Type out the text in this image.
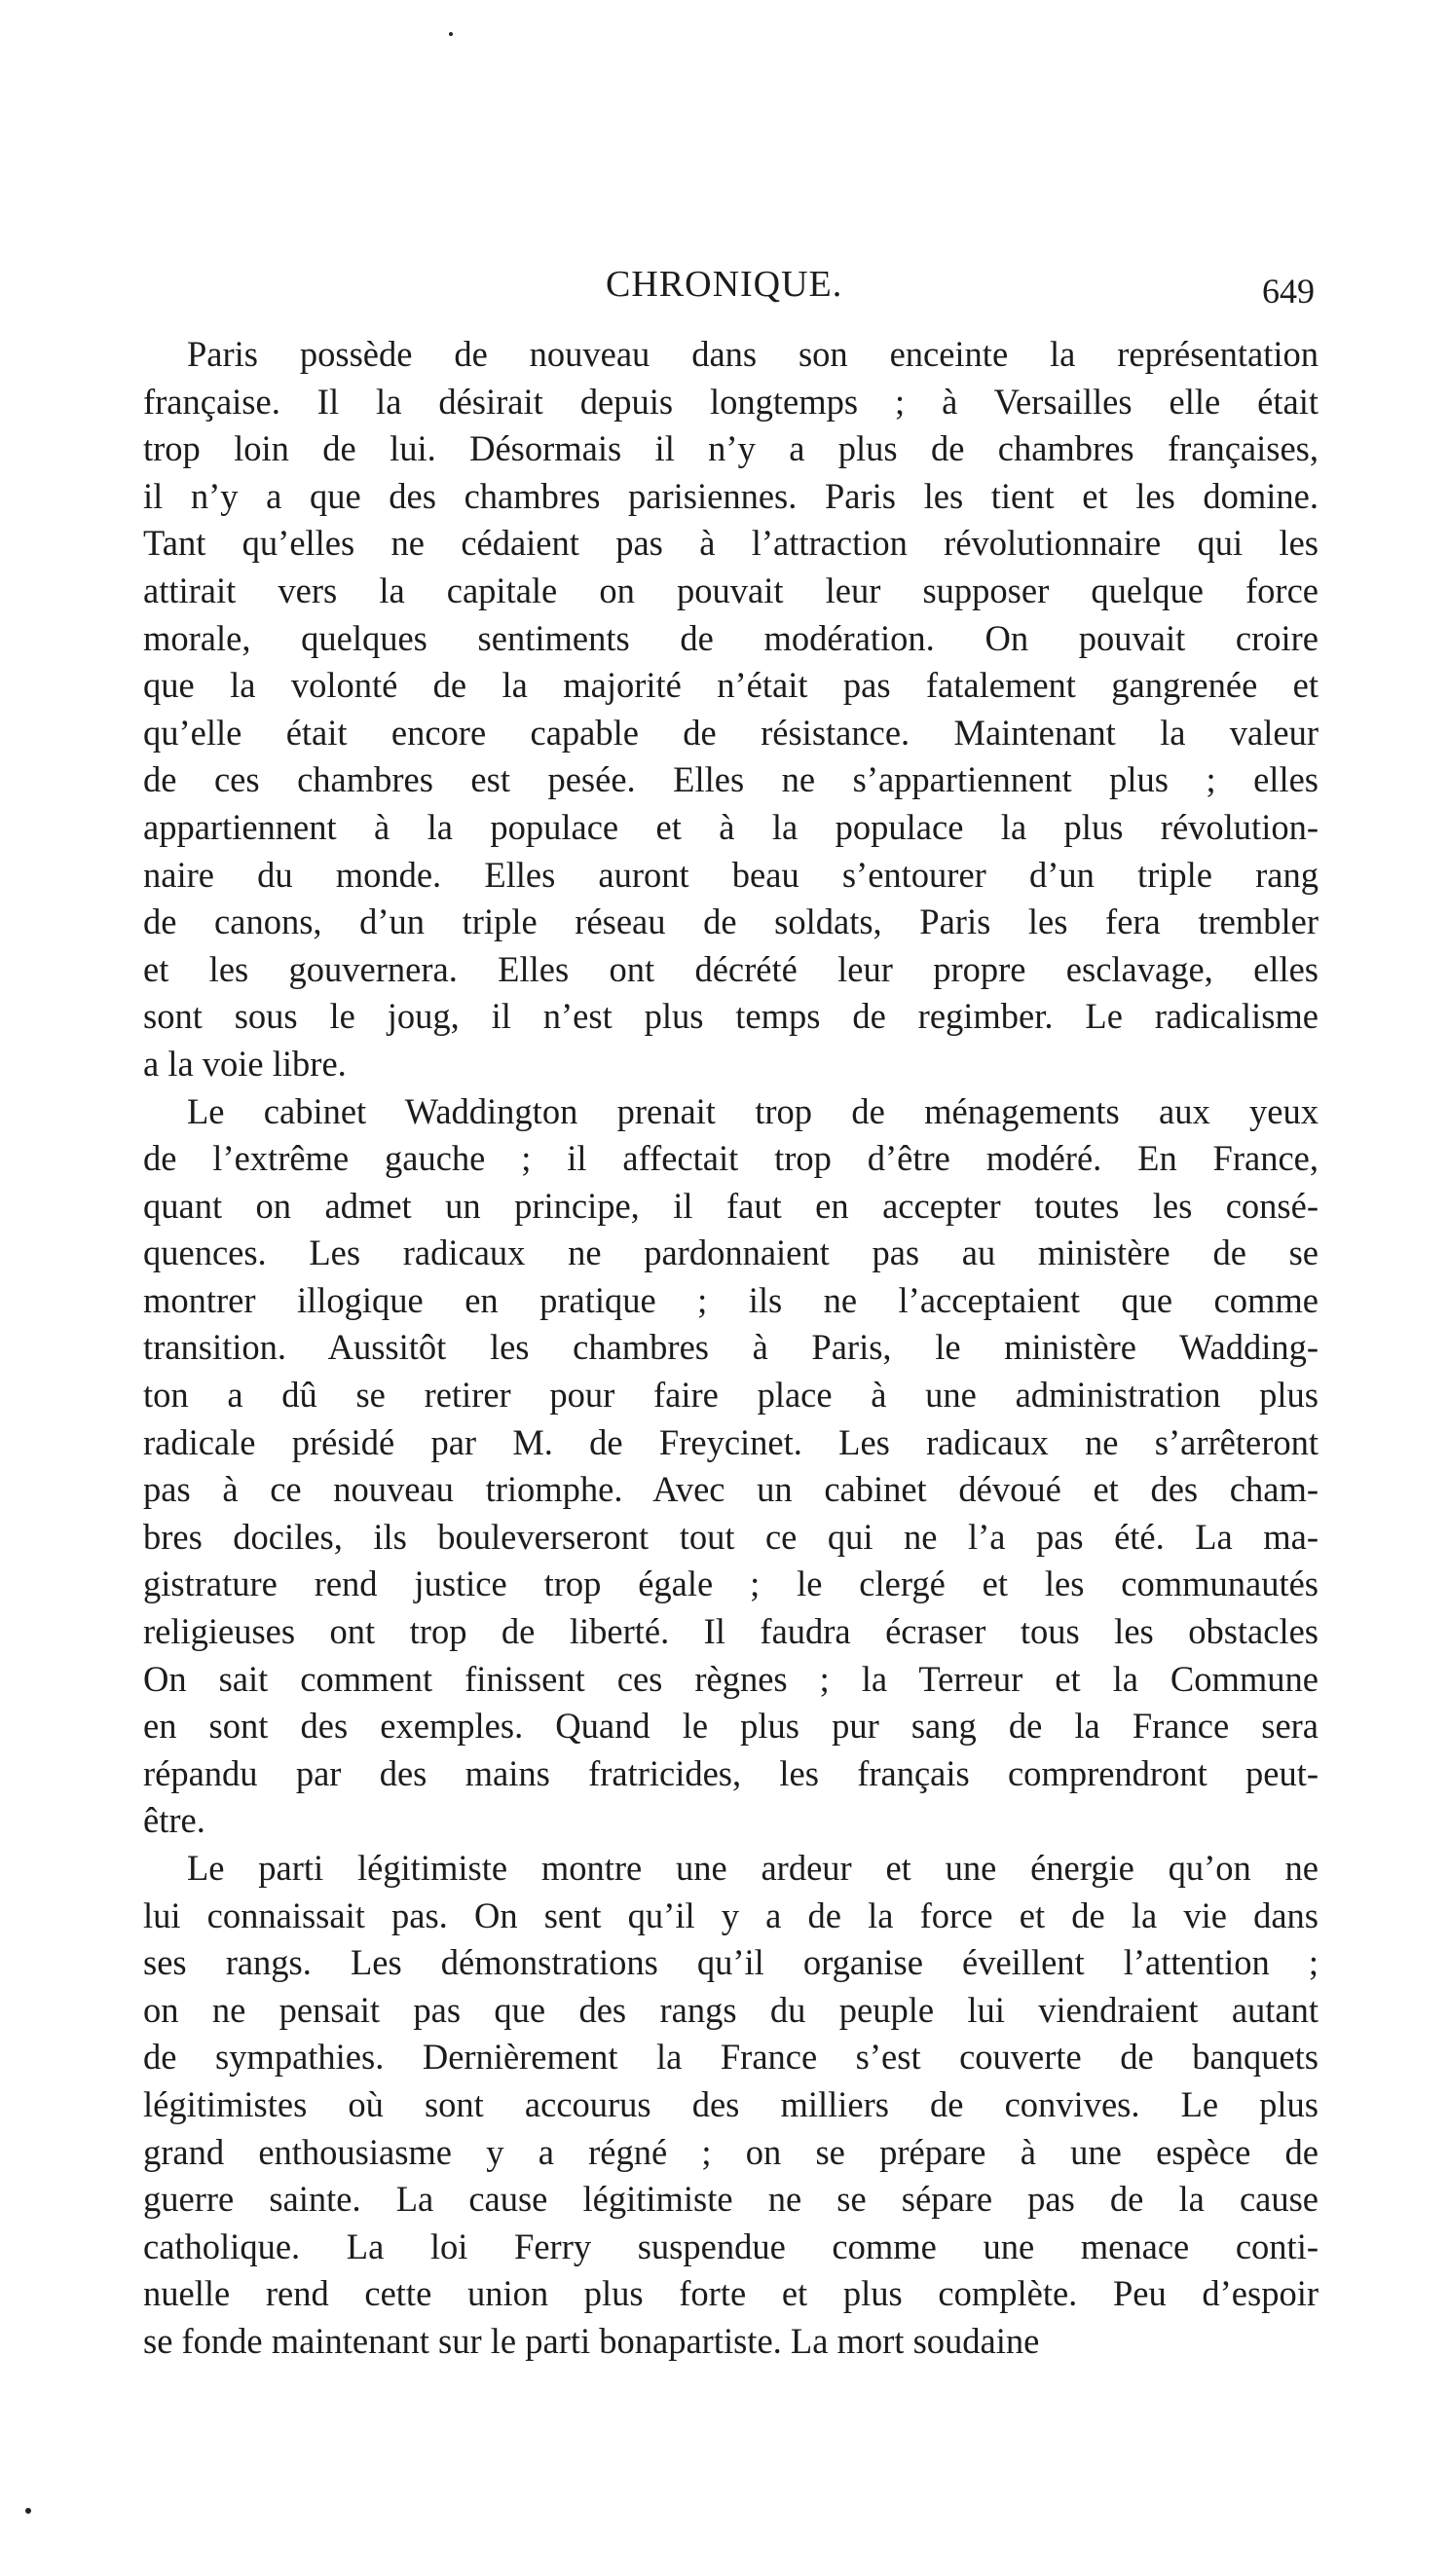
CHRONIQUE.	649
Paris possède de nouveau dans son enceinte la représentation
française. Il la désirait depuis longtemps ; à Versailles elle était
trop loin de lui. Désormais il n’y a plus de chambres françaises,
il n’y a que des chambres parisiennes. Paris les tient et les domine.
Tant qu’elles ne cédaient pas à l’attraction révolutionnaire qui les
attirait vers la capitale on pouvait leur supposer quelque force
morale, quelques sentiments de modération. On pouvait croire
que la volonté de la majorité n’était pas fatalement gangrenée et
qu’elle était encore capable de résistance. Maintenant la valeur
de ces chambres est pesée. Elles ne s’appartiennent plus ; elles
appartiennent à la populace et à la populace la plus révolution-
naire du monde. Elles auront beau s’entourer d’un triple rang
de canons, d’un triple réseau de soldats, Paris les fera trembler
et les gouvernera. Elles ont décrété leur propre esclavage, elles
sont sous le joug, il n’est plus temps de regimber. Le radicalisme
a la voie libre.
Le cabinet Waddington prenait trop de ménagements aux yeux
de l’extrême gauche ; il affectait trop d’être modéré. En France,
quant on admet un principe, il faut en accepter toutes les consé-
quences. Les radicaux ne pardonnaient pas au ministère de se
montrer illogique en pratique ; ils ne l’acceptaient que comme
transition. Aussitôt les chambres à Paris, le ministère Wadding-
ton a dû se retirer pour faire place à une administration plus
radicale présidé par M. de Freycinet. Les radicaux ne s’arrêteront
pas à ce nouveau triomphe. Avec un cabinet dévoué et des cham-
bres dociles, ils bouleverseront tout ce qui ne l’a pas été. La ma-
gistrature rend justice trop égale ; le clergé et les communautés
religieuses ont trop de liberté. Il faudra écraser tous les obstacles
On sait comment finissent ces règnes ; la Terreur et la Commune
en sont des exemples. Quand le plus pur sang de la France sera
répandu par des mains fratricides, les français comprendront peut-
être.
Le parti légitimiste montre une ardeur et une énergie qu’on ne
lui connaissait pas. On sent qu’il y a de la force et de la vie dans
ses rangs. Les démonstrations qu’il organise éveillent l’attention ;
on ne pensait pas que des rangs du peuple lui viendraient autant
de sympathies. Dernièrement la France s’est couverte de banquets
légitimistes où sont accourus des milliers de convives. Le plus
grand enthousiasme y a régné ; on se prépare à une espèce de
guerre sainte. La cause légitimiste ne se sépare pas de la cause
catholique. La loi Ferry suspendue comme une menace conti-
nuelle rend cette union plus forte et plus complète. Peu d’espoir
se fonde maintenant sur le parti bonapartiste. La mort soudaine
